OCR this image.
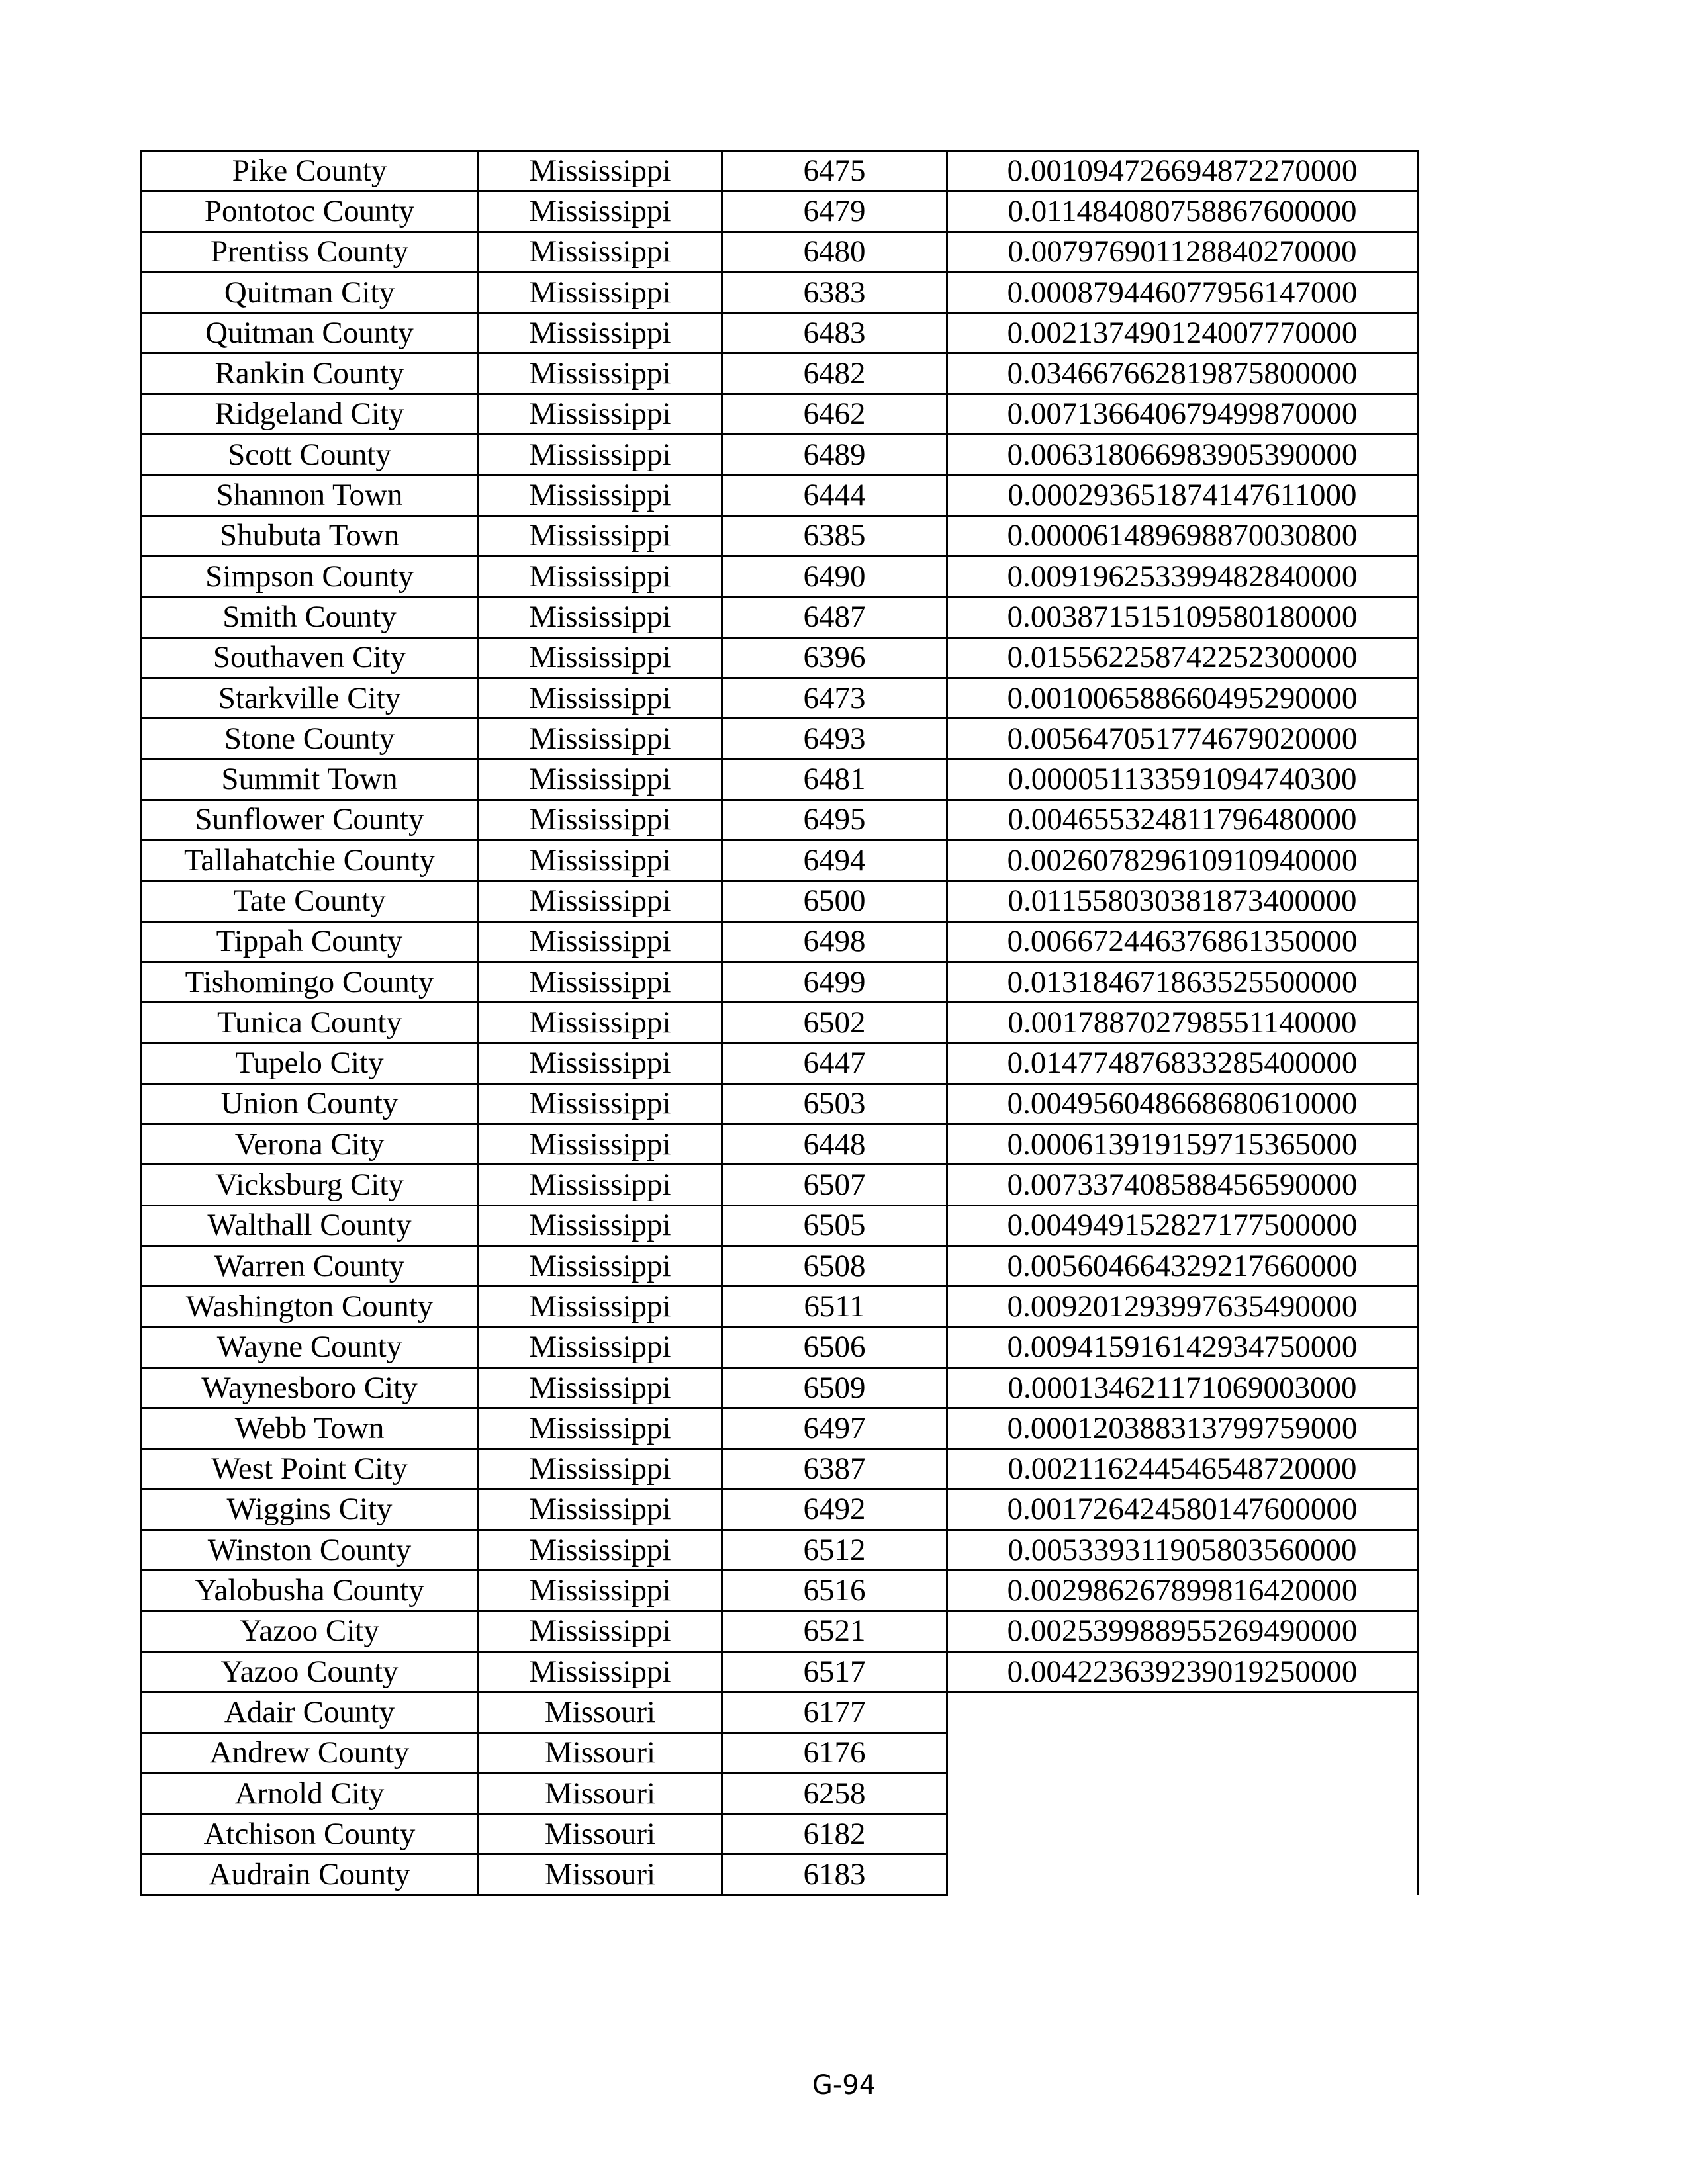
Pike County	Mississippi	6475	0.001094726694872270000
Pontotoc County	Mississippi	6479	0.011484080758867600000
Prentiss County	Mississippi	6480	0.007976901128840270000
Quitman City	Mississippi	6383	0.000879446077956147000
Quitman County	Mississippi	6483	0.002137490124007770000
Rankin County	Mississippi	6482	0.034667662819875800000
Ridgeland City	Mississippi	6462	0.007136640679499870000
Scott County	Mississippi	6489	0.006318066983905390000
Shannon Town	Mississippi	6444	0.000293651874147611000
Shubuta Town	Mississippi	6385	0.000061489698870030800
Simpson County	Mississippi	6490	0.009196253399482840000
Smith County	Mississippi	6487	0.003871515109580180000
Southaven City	Mississippi	6396	0.015562258742252300000
Starkville City	Mississippi	6473	0.001006588660495290000
Stone County	Mississippi	6493	0.005647051774679020000
Summit Town	Mississippi	6481	0.000051133591094740300
Sunflower County	Mississippi	6495	0.004655324811796480000
Tallahatchie County	Mississippi	6494	0.002607829610910940000
Tate County	Mississippi	6500	0.011558030381873400000
Tippah County	Mississippi	6498	0.006672446376861350000
Tishomingo County	Mississippi	6499	0.013184671863525500000
Tunica County	Mississippi	6502	0.001788702798551140000
Tupelo City	Mississippi	6447	0.014774876833285400000
Union County	Mississippi	6503	0.004956048668680610000
Verona City	Mississippi	6448	0.000613919159715365000
Vicksburg City	Mississippi	6507	0.007337408588456590000
Walthall County	Mississippi	6505	0.004949152827177500000
Warren County	Mississippi	6508	0.005604664329217660000
Washington County	Mississippi	6511	0.009201293997635490000
Wayne County	Mississippi	6506	0.009415916142934750000
Waynesboro City	Mississippi	6509	0.000134621171069003000
Webb Town	Mississippi	6497	0.000120388313799759000
West Point City	Mississippi	6387	0.002116244546548720000
Wiggins City	Mississippi	6492	0.001726424580147600000
Winston County	Mississippi	6512	0.005339311905803560000
Yalobusha County	Mississippi	6516	0.002986267899816420000
Yazoo City	Mississippi	6521	0.002539988955269490000
Yazoo County	Mississippi	6517	0.004223639239019250000
Adair County	Missouri	6177	
Andrew County	Missouri	6176	
Arnold City	Missouri	6258	
Atchison County	Missouri	6182	
Audrain County	Missouri	6183	
G-94
